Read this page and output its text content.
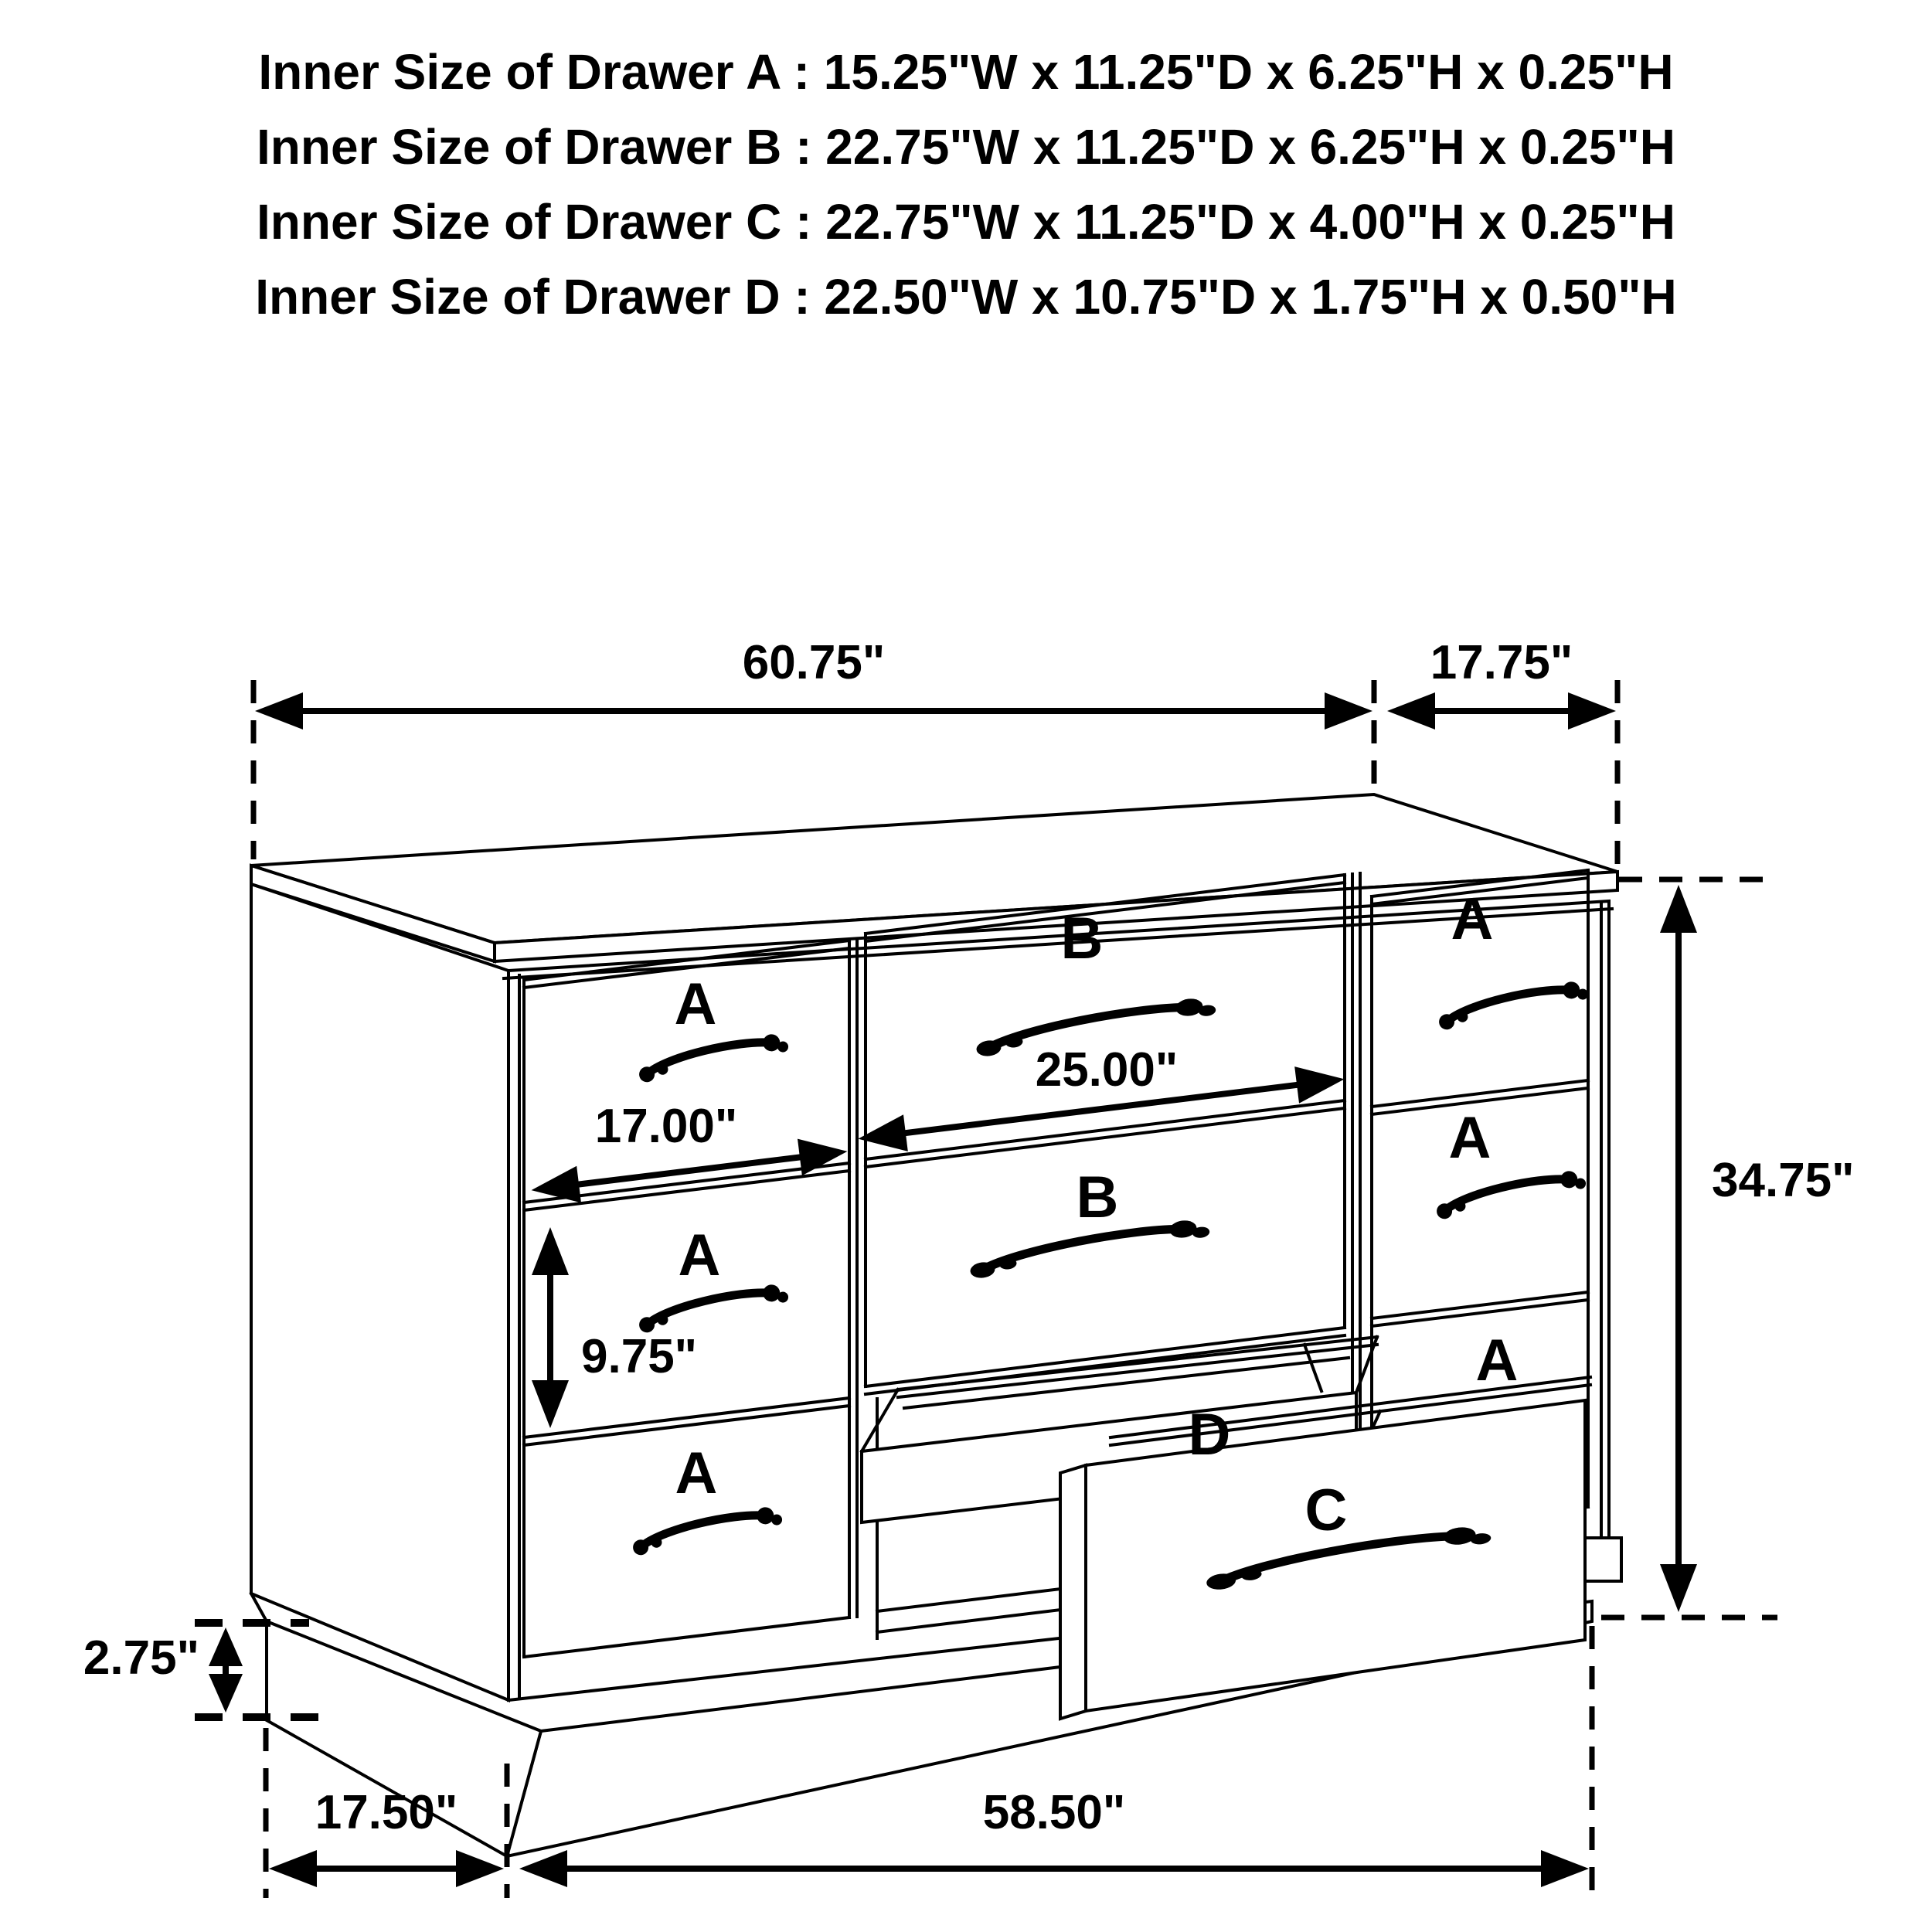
Inner Size of Drawer A : 15.25"W x 11.25"D x 6.25"H x 0.25"H
Inner Size of Drawer B : 22.75"W x 11.25"D x 6.25"H x 0.25"H
Inner Size of Drawer C : 22.75"W x 11.25"D x 4.00"H x 0.25"H
Inner Size of Drawer D : 22.50"W x 10.75"D x 1.75"H x 0.50"H
A
B	A
A
B
A
A
D
A
C
60.75"	17.75"
34.75"
17.00"
25.00"
9.75"
2.75"
17.50"	58.50"
